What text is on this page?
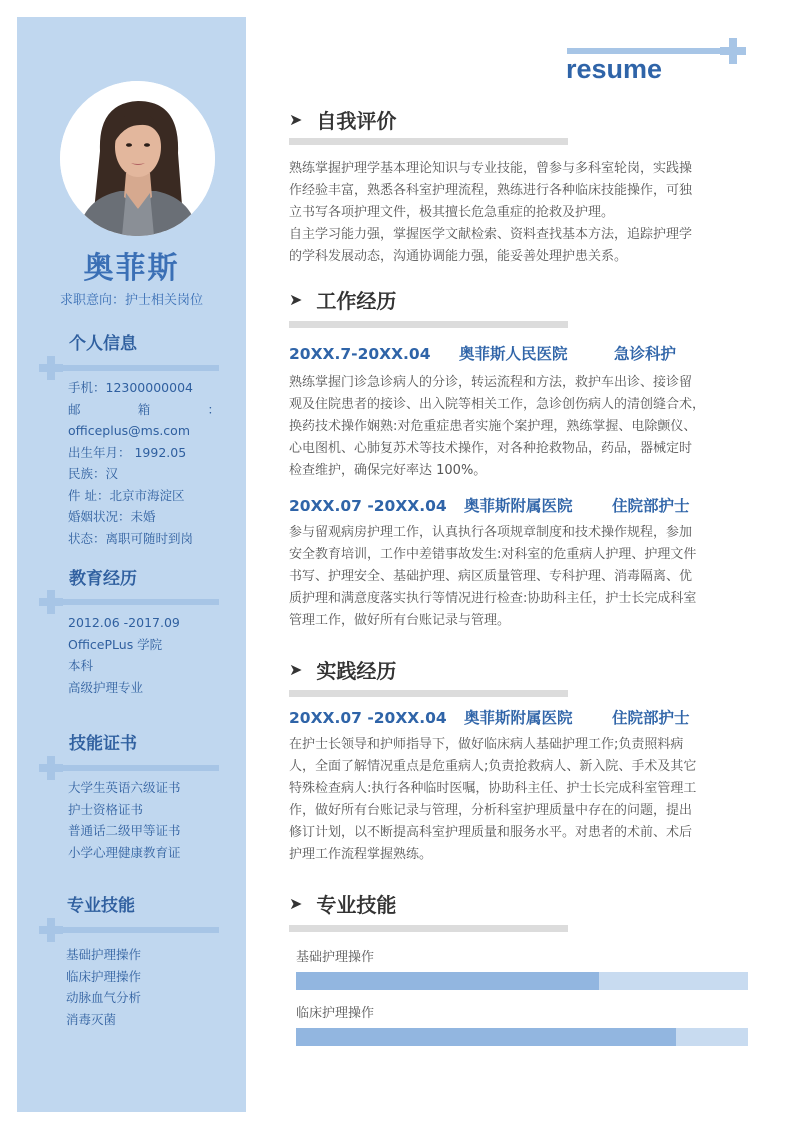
奥菲斯
求职意向：护士相关岗位
个人信息
手机：12300000004
邮	箱	：
officeplus@ms.com
出生年月： 1992.05
民族：汉
件 址：北京市海淀区
婚姻状况：未婚
状态：离职可随时到岗
教育经历
2012.06 -2017.09
OfficePLus 学院
本科
高级护理专业
技能证书
大学生英语六级证书
护士资格证书
普通话二级甲等证书
小学心理健康教育证
专业技能
基础护理操作
临床护理操作
动脉血气分析
消毒灭菌
resume
➤ 自我评价
熟练掌握护理学基本理论知识与专业技能，曾参与多科室轮岗，实践操
作经验丰富，熟悉各科室护理流程，熟练进行各种临床技能操作，可独
立书写各项护理文件，极其擅长危急重症的抢救及护理。
自主学习能力强，掌握医学文献检索、资料查找基本方法，追踪护理学
的学科发展动态，沟通协调能力强，能妥善处理护患关系。
➤ 工作经历
20XX.7-20XX.04 奥菲斯人民医院	急诊科护
熟练掌握门诊急诊病人的分诊，转运流程和方法，救护车出诊、接诊留
观及住院患者的接诊、出入院等相关工作，急诊创伤病人的清创缝合术，
换药技术操作娴熟:对危重症患者实施个案护理，熟练掌握、电除颤仪、
心电图机、心肺复苏术等技术操作，对各种抢救物品，药品，器械定时
检查维护，确保完好率达 100%。
20XX.07 -20XX.04 奥菲斯附属医院	住院部护士
参与留观病房护理工作，认真执行各项规章制度和技术操作规程，参加
安全教育培训，工作中差错事故发生:对科室的危重病人护理、护理文件
书写、护理安全、基础护理、病区质量管理、专科护理、消毒隔离、优
质护理和满意度落实执行等情况进行检查:协助科主任，护士长完成科室
管理工作，做好所有台账记录与管理。
➤ 实践经历
20XX.07 -20XX.04 奥菲斯附属医院	住院部护士
在护士长领导和护师指导下，做好临床病人基础护理工作;负责照料病
人，全面了解情况重点是危重病人;负责抢救病人、新入院、手术及其它
特殊检查病人:执行各种临时医嘱，协助科主任、护士长完成科室管理工
作，做好所有台账记录与管理，分析科室护理质量中存在的问题，提出
修订计划，以不断提高科室护理质量和服务水平。对患者的术前、术后
护理工作流程掌握熟练。
➤ 专业技能
基础护理操作
临床护理操作
